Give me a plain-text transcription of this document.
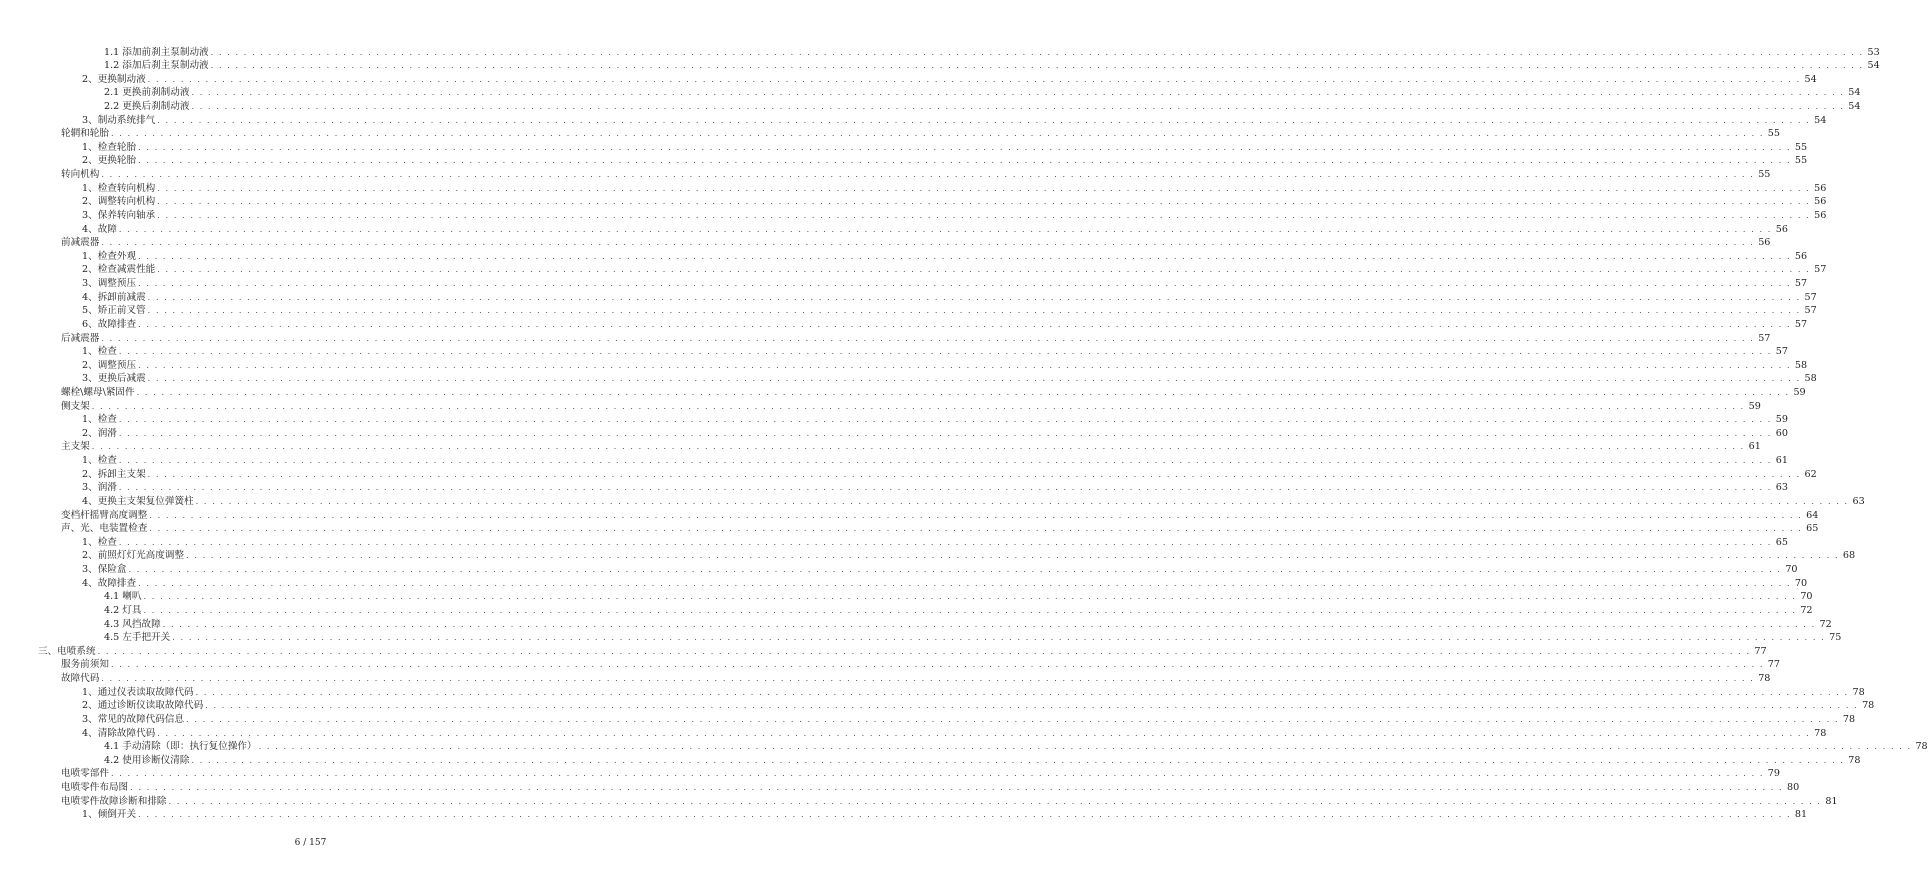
1.1 添加前刹主泵制动液 . . . . . . . . . . . . . . . . . . . . . . . . . . . . . . . . . . . . . . . . . . . . . . . . . . . . . . . . . . . . . . . . . . . . . . . . . . . . . . . . . . . . . . . . . . . . . . . . . . . . . . . . . . . . . . . . . . . . . . . . . . . . . . . . . . . . . . . . . . . . . . . . . . . . . . . . . . . . . . . . . . . . . . . . . . . . . . . . . . . . . . . . . . . . . . . . . . . . . . . . 53
1.2 添加后刹主泵制动液 . . . . . . . . . . . . . . . . . . . . . . . . . . . . . . . . . . . . . . . . . . . . . . . . . . . . . . . . . . . . . . . . . . . . . . . . . . . . . . . . . . . . . . . . . . . . . . . . . . . . . . . . . . . . . . . . . . . . . . . . . . . . . . . . . . . . . . . . . . . . . . . . . . . . . . . . . . . . . . . . . . . . . . . . . . . . . . . . . . . . . . . . . . . . . . . . . . . . . . . . 54
2、更换制动液 . . . . . . . . . . . . . . . . . . . . . . . . . . . . . . . . . . . . . . . . . . . . . . . . . . . . . . . . . . . . . . . . . . . . . . . . . . . . . . . . . . . . . . . . . . . . . . . . . . . . . . . . . . . . . . . . . . . . . . . . . . . . . . . . . . . . . . . . . . . . . . . . . . . . . . . . . . . . . . . . . . . . . . . . . . . . . . . . . . . . . . . . . . . . . . . . . . . . . . . . 54
2.1 更换前刹制动液 . . . . . . . . . . . . . . . . . . . . . . . . . . . . . . . . . . . . . . . . . . . . . . . . . . . . . . . . . . . . . . . . . . . . . . . . . . . . . . . . . . . . . . . . . . . . . . . . . . . . . . . . . . . . . . . . . . . . . . . . . . . . . . . . . . . . . . . . . . . . . . . . . . . . . . . . . . . . . . . . . . . . . . . . . . . . . . . . . . . . . . . . . . . . . . . . . . . . . . . . 54
2.2 更换后刹制动液 . . . . . . . . . . . . . . . . . . . . . . . . . . . . . . . . . . . . . . . . . . . . . . . . . . . . . . . . . . . . . . . . . . . . . . . . . . . . . . . . . . . . . . . . . . . . . . . . . . . . . . . . . . . . . . . . . . . . . . . . . . . . . . . . . . . . . . . . . . . . . . . . . . . . . . . . . . . . . . . . . . . . . . . . . . . . . . . . . . . . . . . . . . . . . . . . . . . . . . . . 54
3、制动系统排气 . . . . . . . . . . . . . . . . . . . . . . . . . . . . . . . . . . . . . . . . . . . . . . . . . . . . . . . . . . . . . . . . . . . . . . . . . . . . . . . . . . . . . . . . . . . . . . . . . . . . . . . . . . . . . . . . . . . . . . . . . . . . . . . . . . . . . . . . . . . . . . . . . . . . . . . . . . . . . . . . . . . . . . . . . . . . . . . . . . . . . . . . . . . . . . . . . . . . . . . . 54
轮辋和轮胎 . . . . . . . . . . . . . . . . . . . . . . . . . . . . . . . . . . . . . . . . . . . . . . . . . . . . . . . . . . . . . . . . . . . . . . . . . . . . . . . . . . . . . . . . . . . . . . . . . . . . . . . . . . . . . . . . . . . . . . . . . . . . . . . . . . . . . . . . . . . . . . . . . . . . . . . . . . . . . . . . . . . . . . . . . . . . . . . . . . . . . . . . . . . . . . . . . . . . . . . . 55
1、检查轮胎 . . . . . . . . . . . . . . . . . . . . . . . . . . . . . . . . . . . . . . . . . . . . . . . . . . . . . . . . . . . . . . . . . . . . . . . . . . . . . . . . . . . . . . . . . . . . . . . . . . . . . . . . . . . . . . . . . . . . . . . . . . . . . . . . . . . . . . . . . . . . . . . . . . . . . . . . . . . . . . . . . . . . . . . . . . . . . . . . . . . . . . . . . . . . . . . . . . . . . . . . 55
2、更换轮胎 . . . . . . . . . . . . . . . . . . . . . . . . . . . . . . . . . . . . . . . . . . . . . . . . . . . . . . . . . . . . . . . . . . . . . . . . . . . . . . . . . . . . . . . . . . . . . . . . . . . . . . . . . . . . . . . . . . . . . . . . . . . . . . . . . . . . . . . . . . . . . . . . . . . . . . . . . . . . . . . . . . . . . . . . . . . . . . . . . . . . . . . . . . . . . . . . . . . . . . . . 55
转向机构 . . . . . . . . . . . . . . . . . . . . . . . . . . . . . . . . . . . . . . . . . . . . . . . . . . . . . . . . . . . . . . . . . . . . . . . . . . . . . . . . . . . . . . . . . . . . . . . . . . . . . . . . . . . . . . . . . . . . . . . . . . . . . . . . . . . . . . . . . . . . . . . . . . . . . . . . . . . . . . . . . . . . . . . . . . . . . . . . . . . . . . . . . . . . . . . . . . . . . . . . 55
1、检查转向机构 . . . . . . . . . . . . . . . . . . . . . . . . . . . . . . . . . . . . . . . . . . . . . . . . . . . . . . . . . . . . . . . . . . . . . . . . . . . . . . . . . . . . . . . . . . . . . . . . . . . . . . . . . . . . . . . . . . . . . . . . . . . . . . . . . . . . . . . . . . . . . . . . . . . . . . . . . . . . . . . . . . . . . . . . . . . . . . . . . . . . . . . . . . . . . . . . . . . . . . . . 56
2、调整转向机构 . . . . . . . . . . . . . . . . . . . . . . . . . . . . . . . . . . . . . . . . . . . . . . . . . . . . . . . . . . . . . . . . . . . . . . . . . . . . . . . . . . . . . . . . . . . . . . . . . . . . . . . . . . . . . . . . . . . . . . . . . . . . . . . . . . . . . . . . . . . . . . . . . . . . . . . . . . . . . . . . . . . . . . . . . . . . . . . . . . . . . . . . . . . . . . . . . . . . . . . . 56
3、保养转向轴承 . . . . . . . . . . . . . . . . . . . . . . . . . . . . . . . . . . . . . . . . . . . . . . . . . . . . . . . . . . . . . . . . . . . . . . . . . . . . . . . . . . . . . . . . . . . . . . . . . . . . . . . . . . . . . . . . . . . . . . . . . . . . . . . . . . . . . . . . . . . . . . . . . . . . . . . . . . . . . . . . . . . . . . . . . . . . . . . . . . . . . . . . . . . . . . . . . . . . . . . . 56
4、故障 . . . . . . . . . . . . . . . . . . . . . . . . . . . . . . . . . . . . . . . . . . . . . . . . . . . . . . . . . . . . . . . . . . . . . . . . . . . . . . . . . . . . . . . . . . . . . . . . . . . . . . . . . . . . . . . . . . . . . . . . . . . . . . . . . . . . . . . . . . . . . . . . . . . . . . . . . . . . . . . . . . . . . . . . . . . . . . . . . . . . . . . . . . . . . . . . . . . . . . . . 56
前减震器 . . . . . . . . . . . . . . . . . . . . . . . . . . . . . . . . . . . . . . . . . . . . . . . . . . . . . . . . . . . . . . . . . . . . . . . . . . . . . . . . . . . . . . . . . . . . . . . . . . . . . . . . . . . . . . . . . . . . . . . . . . . . . . . . . . . . . . . . . . . . . . . . . . . . . . . . . . . . . . . . . . . . . . . . . . . . . . . . . . . . . . . . . . . . . . . . . . . . . . . . 56
1、检查外观 . . . . . . . . . . . . . . . . . . . . . . . . . . . . . . . . . . . . . . . . . . . . . . . . . . . . . . . . . . . . . . . . . . . . . . . . . . . . . . . . . . . . . . . . . . . . . . . . . . . . . . . . . . . . . . . . . . . . . . . . . . . . . . . . . . . . . . . . . . . . . . . . . . . . . . . . . . . . . . . . . . . . . . . . . . . . . . . . . . . . . . . . . . . . . . . . . . . . . . . . 56
2、检查减震性能 . . . . . . . . . . . . . . . . . . . . . . . . . . . . . . . . . . . . . . . . . . . . . . . . . . . . . . . . . . . . . . . . . . . . . . . . . . . . . . . . . . . . . . . . . . . . . . . . . . . . . . . . . . . . . . . . . . . . . . . . . . . . . . . . . . . . . . . . . . . . . . . . . . . . . . . . . . . . . . . . . . . . . . . . . . . . . . . . . . . . . . . . . . . . . . . . . . . . . . . . 57
3、调整预压 . . . . . . . . . . . . . . . . . . . . . . . . . . . . . . . . . . . . . . . . . . . . . . . . . . . . . . . . . . . . . . . . . . . . . . . . . . . . . . . . . . . . . . . . . . . . . . . . . . . . . . . . . . . . . . . . . . . . . . . . . . . . . . . . . . . . . . . . . . . . . . . . . . . . . . . . . . . . . . . . . . . . . . . . . . . . . . . . . . . . . . . . . . . . . . . . . . . . . . . . 57
4、拆卸前减震 . . . . . . . . . . . . . . . . . . . . . . . . . . . . . . . . . . . . . . . . . . . . . . . . . . . . . . . . . . . . . . . . . . . . . . . . . . . . . . . . . . . . . . . . . . . . . . . . . . . . . . . . . . . . . . . . . . . . . . . . . . . . . . . . . . . . . . . . . . . . . . . . . . . . . . . . . . . . . . . . . . . . . . . . . . . . . . . . . . . . . . . . . . . . . . . . . . . . . . . . 57
5、矫正前叉管 . . . . . . . . . . . . . . . . . . . . . . . . . . . . . . . . . . . . . . . . . . . . . . . . . . . . . . . . . . . . . . . . . . . . . . . . . . . . . . . . . . . . . . . . . . . . . . . . . . . . . . . . . . . . . . . . . . . . . . . . . . . . . . . . . . . . . . . . . . . . . . . . . . . . . . . . . . . . . . . . . . . . . . . . . . . . . . . . . . . . . . . . . . . . . . . . . . . . . . . . 57
6、故障排查 . . . . . . . . . . . . . . . . . . . . . . . . . . . . . . . . . . . . . . . . . . . . . . . . . . . . . . . . . . . . . . . . . . . . . . . . . . . . . . . . . . . . . . . . . . . . . . . . . . . . . . . . . . . . . . . . . . . . . . . . . . . . . . . . . . . . . . . . . . . . . . . . . . . . . . . . . . . . . . . . . . . . . . . . . . . . . . . . . . . . . . . . . . . . . . . . . . . . . . . . 57
后减震器 . . . . . . . . . . . . . . . . . . . . . . . . . . . . . . . . . . . . . . . . . . . . . . . . . . . . . . . . . . . . . . . . . . . . . . . . . . . . . . . . . . . . . . . . . . . . . . . . . . . . . . . . . . . . . . . . . . . . . . . . . . . . . . . . . . . . . . . . . . . . . . . . . . . . . . . . . . . . . . . . . . . . . . . . . . . . . . . . . . . . . . . . . . . . . . . . . . . . . . . . 57
1、检查 . . . . . . . . . . . . . . . . . . . . . . . . . . . . . . . . . . . . . . . . . . . . . . . . . . . . . . . . . . . . . . . . . . . . . . . . . . . . . . . . . . . . . . . . . . . . . . . . . . . . . . . . . . . . . . . . . . . . . . . . . . . . . . . . . . . . . . . . . . . . . . . . . . . . . . . . . . . . . . . . . . . . . . . . . . . . . . . . . . . . . . . . . . . . . . . . . . . . . . . . 57
2、调整预压 . . . . . . . . . . . . . . . . . . . . . . . . . . . . . . . . . . . . . . . . . . . . . . . . . . . . . . . . . . . . . . . . . . . . . . . . . . . . . . . . . . . . . . . . . . . . . . . . . . . . . . . . . . . . . . . . . . . . . . . . . . . . . . . . . . . . . . . . . . . . . . . . . . . . . . . . . . . . . . . . . . . . . . . . . . . . . . . . . . . . . . . . . . . . . . . . . . . . . . . . 58
3、更换后减震 . . . . . . . . . . . . . . . . . . . . . . . . . . . . . . . . . . . . . . . . . . . . . . . . . . . . . . . . . . . . . . . . . . . . . . . . . . . . . . . . . . . . . . . . . . . . . . . . . . . . . . . . . . . . . . . . . . . . . . . . . . . . . . . . . . . . . . . . . . . . . . . . . . . . . . . . . . . . . . . . . . . . . . . . . . . . . . . . . . . . . . . . . . . . . . . . . . . . . . . . 58
螺栓\螺母\紧固件 . . . . . . . . . . . . . . . . . . . . . . . . . . . . . . . . . . . . . . . . . . . . . . . . . . . . . . . . . . . . . . . . . . . . . . . . . . . . . . . . . . . . . . . . . . . . . . . . . . . . . . . . . . . . . . . . . . . . . . . . . . . . . . . . . . . . . . . . . . . . . . . . . . . . . . . . . . . . . . . . . . . . . . . . . . . . . . . . . . . . . . . . . . . . . . . . . . . . . . . . 59
侧支架 . . . . . . . . . . . . . . . . . . . . . . . . . . . . . . . . . . . . . . . . . . . . . . . . . . . . . . . . . . . . . . . . . . . . . . . . . . . . . . . . . . . . . . . . . . . . . . . . . . . . . . . . . . . . . . . . . . . . . . . . . . . . . . . . . . . . . . . . . . . . . . . . . . . . . . . . . . . . . . . . . . . . . . . . . . . . . . . . . . . . . . . . . . . . . . . . . . . . . . . . 59
1、检查 . . . . . . . . . . . . . . . . . . . . . . . . . . . . . . . . . . . . . . . . . . . . . . . . . . . . . . . . . . . . . . . . . . . . . . . . . . . . . . . . . . . . . . . . . . . . . . . . . . . . . . . . . . . . . . . . . . . . . . . . . . . . . . . . . . . . . . . . . . . . . . . . . . . . . . . . . . . . . . . . . . . . . . . . . . . . . . . . . . . . . . . . . . . . . . . . . . . . . . . . 59
2、润滑 . . . . . . . . . . . . . . . . . . . . . . . . . . . . . . . . . . . . . . . . . . . . . . . . . . . . . . . . . . . . . . . . . . . . . . . . . . . . . . . . . . . . . . . . . . . . . . . . . . . . . . . . . . . . . . . . . . . . . . . . . . . . . . . . . . . . . . . . . . . . . . . . . . . . . . . . . . . . . . . . . . . . . . . . . . . . . . . . . . . . . . . . . . . . . . . . . . . . . . . . 60
主支架 . . . . . . . . . . . . . . . . . . . . . . . . . . . . . . . . . . . . . . . . . . . . . . . . . . . . . . . . . . . . . . . . . . . . . . . . . . . . . . . . . . . . . . . . . . . . . . . . . . . . . . . . . . . . . . . . . . . . . . . . . . . . . . . . . . . . . . . . . . . . . . . . . . . . . . . . . . . . . . . . . . . . . . . . . . . . . . . . . . . . . . . . . . . . . . . . . . . . . . . . 61
1、检查 . . . . . . . . . . . . . . . . . . . . . . . . . . . . . . . . . . . . . . . . . . . . . . . . . . . . . . . . . . . . . . . . . . . . . . . . . . . . . . . . . . . . . . . . . . . . . . . . . . . . . . . . . . . . . . . . . . . . . . . . . . . . . . . . . . . . . . . . . . . . . . . . . . . . . . . . . . . . . . . . . . . . . . . . . . . . . . . . . . . . . . . . . . . . . . . . . . . . . . . . 61
2、拆卸主支架 . . . . . . . . . . . . . . . . . . . . . . . . . . . . . . . . . . . . . . . . . . . . . . . . . . . . . . . . . . . . . . . . . . . . . . . . . . . . . . . . . . . . . . . . . . . . . . . . . . . . . . . . . . . . . . . . . . . . . . . . . . . . . . . . . . . . . . . . . . . . . . . . . . . . . . . . . . . . . . . . . . . . . . . . . . . . . . . . . . . . . . . . . . . . . . . . . . . . . . . . 62
3、润滑 . . . . . . . . . . . . . . . . . . . . . . . . . . . . . . . . . . . . . . . . . . . . . . . . . . . . . . . . . . . . . . . . . . . . . . . . . . . . . . . . . . . . . . . . . . . . . . . . . . . . . . . . . . . . . . . . . . . . . . . . . . . . . . . . . . . . . . . . . . . . . . . . . . . . . . . . . . . . . . . . . . . . . . . . . . . . . . . . . . . . . . . . . . . . . . . . . . . . . . . . 63
4、更换主支架复位弹簧柱 . . . . . . . . . . . . . . . . . . . . . . . . . . . . . . . . . . . . . . . . . . . . . . . . . . . . . . . . . . . . . . . . . . . . . . . . . . . . . . . . . . . . . . . . . . . . . . . . . . . . . . . . . . . . . . . . . . . . . . . . . . . . . . . . . . . . . . . . . . . . . . . . . . . . . . . . . . . . . . . . . . . . . . . . . . . . . . . . . . . . . . . . . . . . . . . . . . . . . . . . 63
变档杆摇臂高度调整 . . . . . . . . . . . . . . . . . . . . . . . . . . . . . . . . . . . . . . . . . . . . . . . . . . . . . . . . . . . . . . . . . . . . . . . . . . . . . . . . . . . . . . . . . . . . . . . . . . . . . . . . . . . . . . . . . . . . . . . . . . . . . . . . . . . . . . . . . . . . . . . . . . . . . . . . . . . . . . . . . . . . . . . . . . . . . . . . . . . . . . . . . . . . . . . . . . . . . . . . 64
声、光、电装置检查 . . . . . . . . . . . . . . . . . . . . . . . . . . . . . . . . . . . . . . . . . . . . . . . . . . . . . . . . . . . . . . . . . . . . . . . . . . . . . . . . . . . . . . . . . . . . . . . . . . . . . . . . . . . . . . . . . . . . . . . . . . . . . . . . . . . . . . . . . . . . . . . . . . . . . . . . . . . . . . . . . . . . . . . . . . . . . . . . . . . . . . . . . . . . . . . . . . . . . . . . 65
1、检查 . . . . . . . . . . . . . . . . . . . . . . . . . . . . . . . . . . . . . . . . . . . . . . . . . . . . . . . . . . . . . . . . . . . . . . . . . . . . . . . . . . . . . . . . . . . . . . . . . . . . . . . . . . . . . . . . . . . . . . . . . . . . . . . . . . . . . . . . . . . . . . . . . . . . . . . . . . . . . . . . . . . . . . . . . . . . . . . . . . . . . . . . . . . . . . . . . . . . . . . . 65
2、前照灯灯光高度调整 . . . . . . . . . . . . . . . . . . . . . . . . . . . . . . . . . . . . . . . . . . . . . . . . . . . . . . . . . . . . . . . . . . . . . . . . . . . . . . . . . . . . . . . . . . . . . . . . . . . . . . . . . . . . . . . . . . . . . . . . . . . . . . . . . . . . . . . . . . . . . . . . . . . . . . . . . . . . . . . . . . . . . . . . . . . . . . . . . . . . . . . . . . . . . . . . . . . . . . . . 68
3、保险盒 . . . . . . . . . . . . . . . . . . . . . . . . . . . . . . . . . . . . . . . . . . . . . . . . . . . . . . . . . . . . . . . . . . . . . . . . . . . . . . . . . . . . . . . . . . . . . . . . . . . . . . . . . . . . . . . . . . . . . . . . . . . . . . . . . . . . . . . . . . . . . . . . . . . . . . . . . . . . . . . . . . . . . . . . . . . . . . . . . . . . . . . . . . . . . . . . . . . . . . . . 70
4、故障排查 . . . . . . . . . . . . . . . . . . . . . . . . . . . . . . . . . . . . . . . . . . . . . . . . . . . . . . . . . . . . . . . . . . . . . . . . . . . . . . . . . . . . . . . . . . . . . . . . . . . . . . . . . . . . . . . . . . . . . . . . . . . . . . . . . . . . . . . . . . . . . . . . . . . . . . . . . . . . . . . . . . . . . . . . . . . . . . . . . . . . . . . . . . . . . . . . . . . . . . . . 70
4.1 喇叭 . . . . . . . . . . . . . . . . . . . . . . . . . . . . . . . . . . . . . . . . . . . . . . . . . . . . . . . . . . . . . . . . . . . . . . . . . . . . . . . . . . . . . . . . . . . . . . . . . . . . . . . . . . . . . . . . . . . . . . . . . . . . . . . . . . . . . . . . . . . . . . . . . . . . . . . . . . . . . . . . . . . . . . . . . . . . . . . . . . . . . . . . . . . . . . . . . . . . . . . . 70
4.2 灯具 . . . . . . . . . . . . . . . . . . . . . . . . . . . . . . . . . . . . . . . . . . . . . . . . . . . . . . . . . . . . . . . . . . . . . . . . . . . . . . . . . . . . . . . . . . . . . . . . . . . . . . . . . . . . . . . . . . . . . . . . . . . . . . . . . . . . . . . . . . . . . . . . . . . . . . . . . . . . . . . . . . . . . . . . . . . . . . . . . . . . . . . . . . . . . . . . . . . . . . . . 72
4.3 风挡故障 . . . . . . . . . . . . . . . . . . . . . . . . . . . . . . . . . . . . . . . . . . . . . . . . . . . . . . . . . . . . . . . . . . . . . . . . . . . . . . . . . . . . . . . . . . . . . . . . . . . . . . . . . . . . . . . . . . . . . . . . . . . . . . . . . . . . . . . . . . . . . . . . . . . . . . . . . . . . . . . . . . . . . . . . . . . . . . . . . . . . . . . . . . . . . . . . . . . . . . . . 72
4.5 左手把开关 . . . . . . . . . . . . . . . . . . . . . . . . . . . . . . . . . . . . . . . . . . . . . . . . . . . . . . . . . . . . . . . . . . . . . . . . . . . . . . . . . . . . . . . . . . . . . . . . . . . . . . . . . . . . . . . . . . . . . . . . . . . . . . . . . . . . . . . . . . . . . . . . . . . . . . . . . . . . . . . . . . . . . . . . . . . . . . . . . . . . . . . . . . . . . . . . . . . . . . . . 75
三、电喷系统 . . . . . . . . . . . . . . . . . . . . . . . . . . . . . . . . . . . . . . . . . . . . . . . . . . . . . . . . . . . . . . . . . . . . . . . . . . . . . . . . . . . . . . . . . . . . . . . . . . . . . . . . . . . . . . . . . . . . . . . . . . . . . . . . . . . . . . . . . . . . . . . . . . . . . . . . . . . . . . . . . . . . . . . . . . . . . . . . . . . . . . . . . . . . . . . . . . . . . . . . 77
服务前须知 . . . . . . . . . . . . . . . . . . . . . . . . . . . . . . . . . . . . . . . . . . . . . . . . . . . . . . . . . . . . . . . . . . . . . . . . . . . . . . . . . . . . . . . . . . . . . . . . . . . . . . . . . . . . . . . . . . . . . . . . . . . . . . . . . . . . . . . . . . . . . . . . . . . . . . . . . . . . . . . . . . . . . . . . . . . . . . . . . . . . . . . . . . . . . . . . . . . . . . . . 77
故障代码 . . . . . . . . . . . . . . . . . . . . . . . . . . . . . . . . . . . . . . . . . . . . . . . . . . . . . . . . . . . . . . . . . . . . . . . . . . . . . . . . . . . . . . . . . . . . . . . . . . . . . . . . . . . . . . . . . . . . . . . . . . . . . . . . . . . . . . . . . . . . . . . . . . . . . . . . . . . . . . . . . . . . . . . . . . . . . . . . . . . . . . . . . . . . . . . . . . . . . . . . 78
1、通过仪表读取故障代码 . . . . . . . . . . . . . . . . . . . . . . . . . . . . . . . . . . . . . . . . . . . . . . . . . . . . . . . . . . . . . . . . . . . . . . . . . . . . . . . . . . . . . . . . . . . . . . . . . . . . . . . . . . . . . . . . . . . . . . . . . . . . . . . . . . . . . . . . . . . . . . . . . . . . . . . . . . . . . . . . . . . . . . . . . . . . . . . . . . . . . . . . . . . . . . . . . . . . . . . . 78
2、通过诊断仪读取故障代码 . . . . . . . . . . . . . . . . . . . . . . . . . . . . . . . . . . . . . . . . . . . . . . . . . . . . . . . . . . . . . . . . . . . . . . . . . . . . . . . . . . . . . . . . . . . . . . . . . . . . . . . . . . . . . . . . . . . . . . . . . . . . . . . . . . . . . . . . . . . . . . . . . . . . . . . . . . . . . . . . . . . . . . . . . . . . . . . . . . . . . . . . . . . . . . . . . . . . . . . . 78
3、常见的故障代码信息 . . . . . . . . . . . . . . . . . . . . . . . . . . . . . . . . . . . . . . . . . . . . . . . . . . . . . . . . . . . . . . . . . . . . . . . . . . . . . . . . . . . . . . . . . . . . . . . . . . . . . . . . . . . . . . . . . . . . . . . . . . . . . . . . . . . . . . . . . . . . . . . . . . . . . . . . . . . . . . . . . . . . . . . . . . . . . . . . . . . . . . . . . . . . . . . . . . . . . . . . 78
4、清除故障代码 . . . . . . . . . . . . . . . . . . . . . . . . . . . . . . . . . . . . . . . . . . . . . . . . . . . . . . . . . . . . . . . . . . . . . . . . . . . . . . . . . . . . . . . . . . . . . . . . . . . . . . . . . . . . . . . . . . . . . . . . . . . . . . . . . . . . . . . . . . . . . . . . . . . . . . . . . . . . . . . . . . . . . . . . . . . . . . . . . . . . . . . . . . . . . . . . . . . . . . . . 78
4.1 手动清除（即：执行复位操作） . . . . . . . . . . . . . . . . . . . . . . . . . . . . . . . . . . . . . . . . . . . . . . . . . . . . . . . . . . . . . . . . . . . . . . . . . . . . . . . . . . . . . . . . . . . . . . . . . . . . . . . . . . . . . . . . . . . . . . . . . . . . . . . . . . . . . . . . . . . . . . . . . . . . . . . . . . . . . . . . . . . . . . . . . . . . . . . . . . . . . . . . . . . . . . . . . . . . . . . . 78
4.2 使用诊断仪清除 . . . . . . . . . . . . . . . . . . . . . . . . . . . . . . . . . . . . . . . . . . . . . . . . . . . . . . . . . . . . . . . . . . . . . . . . . . . . . . . . . . . . . . . . . . . . . . . . . . . . . . . . . . . . . . . . . . . . . . . . . . . . . . . . . . . . . . . . . . . . . . . . . . . . . . . . . . . . . . . . . . . . . . . . . . . . . . . . . . . . . . . . . . . . . . . . . . . . . . . . 78
电喷零部件 . . . . . . . . . . . . . . . . . . . . . . . . . . . . . . . . . . . . . . . . . . . . . . . . . . . . . . . . . . . . . . . . . . . . . . . . . . . . . . . . . . . . . . . . . . . . . . . . . . . . . . . . . . . . . . . . . . . . . . . . . . . . . . . . . . . . . . . . . . . . . . . . . . . . . . . . . . . . . . . . . . . . . . . . . . . . . . . . . . . . . . . . . . . . . . . . . . . . . . . . 79
电喷零件布局图 . . . . . . . . . . . . . . . . . . . . . . . . . . . . . . . . . . . . . . . . . . . . . . . . . . . . . . . . . . . . . . . . . . . . . . . . . . . . . . . . . . . . . . . . . . . . . . . . . . . . . . . . . . . . . . . . . . . . . . . . . . . . . . . . . . . . . . . . . . . . . . . . . . . . . . . . . . . . . . . . . . . . . . . . . . . . . . . . . . . . . . . . . . . . . . . . . . . . . . . . 80
电喷零件故障诊断和排除 . . . . . . . . . . . . . . . . . . . . . . . . . . . . . . . . . . . . . . . . . . . . . . . . . . . . . . . . . . . . . . . . . . . . . . . . . . . . . . . . . . . . . . . . . . . . . . . . . . . . . . . . . . . . . . . . . . . . . . . . . . . . . . . . . . . . . . . . . . . . . . . . . . . . . . . . . . . . . . . . . . . . . . . . . . . . . . . . . . . . . . . . . . . . . . . . . . . . . . . . 81
1、倾倒开关 . . . . . . . . . . . . . . . . . . . . . . . . . . . . . . . . . . . . . . . . . . . . . . . . . . . . . . . . . . . . . . . . . . . . . . . . . . . . . . . . . . . . . . . . . . . . . . . . . . . . . . . . . . . . . . . . . . . . . . . . . . . . . . . . . . . . . . . . . . . . . . . . . . . . . . . . . . . . . . . . . . . . . . . . . . . . . . . . . . . . . . . . . . . . . . . . . . . . . . . . 81
6 / 157
